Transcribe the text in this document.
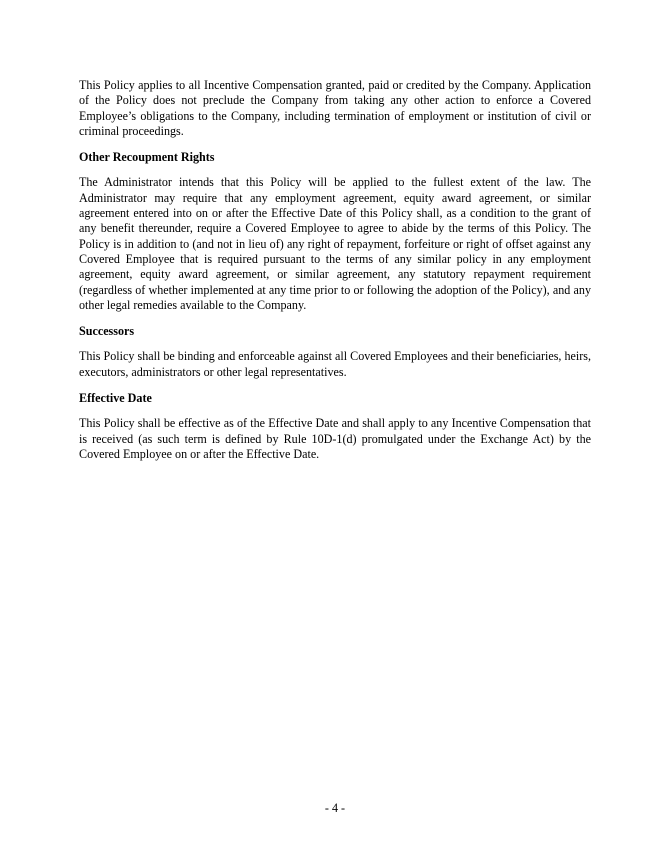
This Policy applies to all Incentive Compensation granted, paid or credited by the Company. Application of the Policy does not preclude the Company from taking any other action to enforce a Covered Employee’s obligations to the Company, including termination of employment or institution of civil or criminal proceedings.

Other Recoupment Rights

The Administrator intends that this Policy will be applied to the fullest extent of the law. The Administrator may require that any employment agreement, equity award agreement, or similar agreement entered into on or after the Effective Date of this Policy shall, as a condition to the grant of any benefit thereunder, require a Covered Employee to agree to abide by the terms of this Policy. The Policy is in addition to (and not in lieu of) any right of repayment, forfeiture or right of offset against any Covered Employee that is required pursuant to the terms of any similar policy in any employment agreement, equity award agreement, or similar agreement, any statutory repayment requirement (regardless of whether implemented at any time prior to or following the adoption of the Policy), and any other legal remedies available to the Company.

Successors

This Policy shall be binding and enforceable against all Covered Employees and their beneficiaries, heirs, executors, administrators or other legal representatives.

Effective Date

This Policy shall be effective as of the Effective Date and shall apply to any Incentive Compensation that is received (as such term is defined by Rule 10D-1(d) promulgated under the Exchange Act) by the Covered Employee on or after the Effective Date.

- 4 -
